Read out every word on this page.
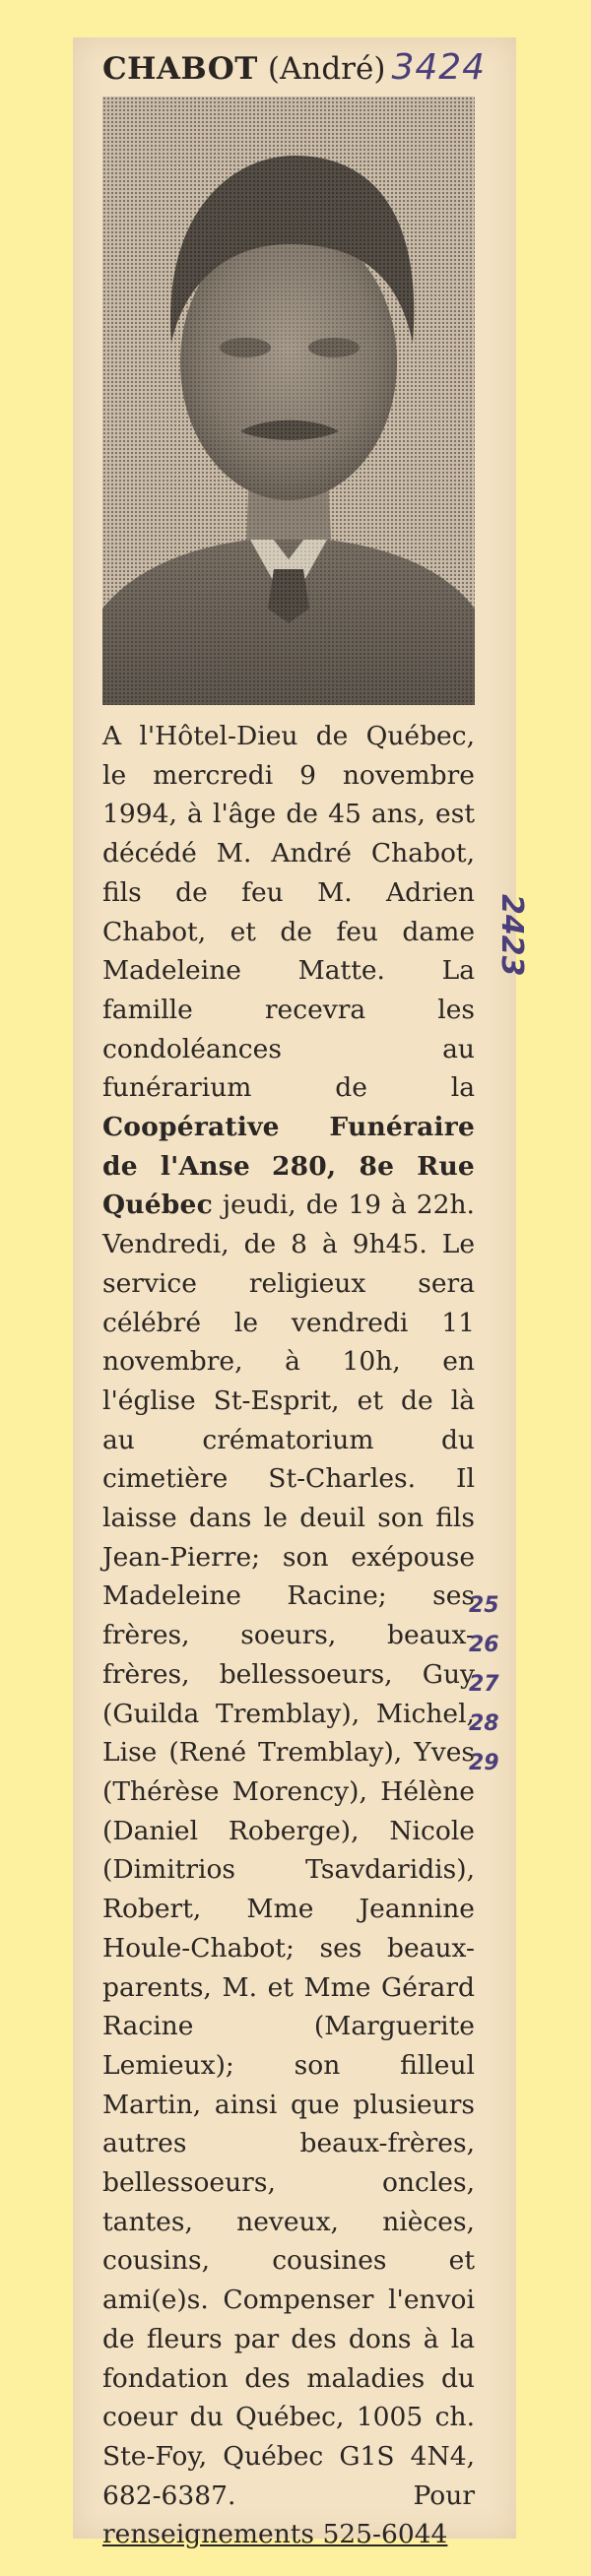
CHABOT (André) 3424

A l'Hôtel-Dieu de Québec, le mercredi 9 novembre 1994, à l'âge de 45 ans, est décédé M. André Chabot, fils de feu M. Adrien Chabot, et de feu dame Madeleine Matte. La famille recevra les condoléances au funérarium de la Coopérative Funéraire de l'Anse 280, 8e Rue Québec jeudi, de 19 à 22h. Vendredi, de 8 à 9h45. Le service religieux sera célébré le vendredi 11 novembre, à 10h, en l'église St-Esprit, et de là au crématorium du cimetière St-Charles. Il laisse dans le deuil son fils Jean-Pierre; son exépouse Madeleine Racine; ses frères, soeurs, beaux-frères, bellessoeurs, Guy (Guilda Tremblay), Michel, Lise (René Tremblay), Yves (Thérèse Morency), Hélène (Daniel Roberge), Nicole (Dimitrios Tsavdaridis), Robert, Mme Jeannine Houle-Chabot; ses beaux-parents, M. et Mme Gérard Racine (Marguerite Lemieux); son filleul Martin, ainsi que plusieurs autres beaux-frères, bellessoeurs, oncles, tantes, neveux, nièces, cousins, cousines et ami(e)s. Compenser l'envoi de fleurs par des dons à la fondation des maladies du coeur du Québec, 1005 ch. Ste-Foy, Québec G1S 4N4, 682-6387. Pour renseignements 525-6044

2423
25
26
27
28
29
